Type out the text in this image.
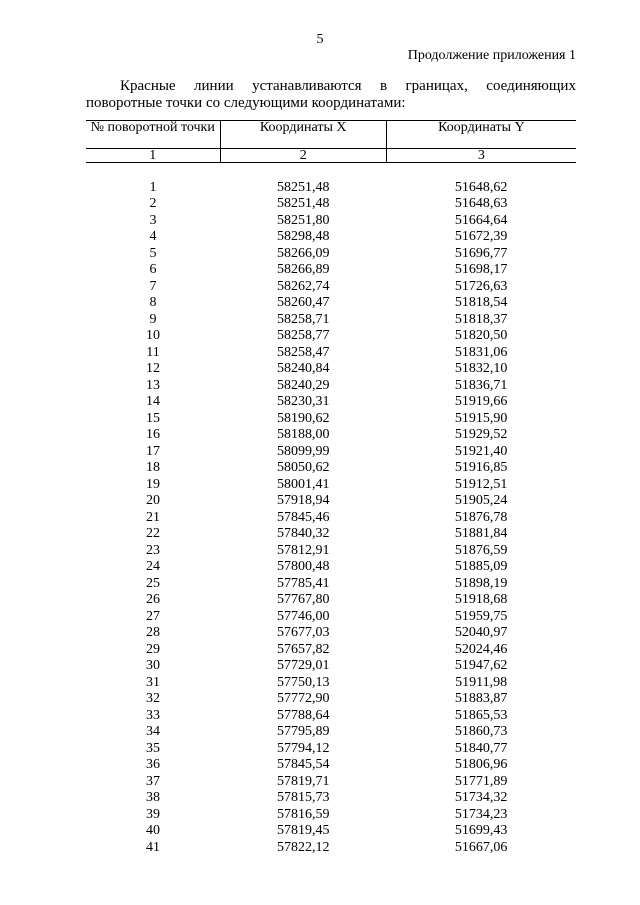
5
Продолжение приложения 1
Красные линии устанавливаются в границах, соединяющих
поворотные точки со следующими координатами:
№ поворотной точки	Координаты X	Координаты Y
1	2	3

1	58251,48	51648,62
2	58251,48	51648,63
3	58251,80	51664,64
4	58298,48	51672,39
5	58266,09	51696,77
6	58266,89	51698,17
7	58262,74	51726,63
8	58260,47	51818,54
9	58258,71	51818,37
10	58258,77	51820,50
11	58258,47	51831,06
12	58240,84	51832,10
13	58240,29	51836,71
14	58230,31	51919,66
15	58190,62	51915,90
16	58188,00	51929,52
17	58099,99	51921,40
18	58050,62	51916,85
19	58001,41	51912,51
20	57918,94	51905,24
21	57845,46	51876,78
22	57840,32	51881,84
23	57812,91	51876,59
24	57800,48	51885,09
25	57785,41	51898,19
26	57767,80	51918,68
27	57746,00	51959,75
28	57677,03	52040,97
29	57657,82	52024,46
30	57729,01	51947,62
31	57750,13	51911,98
32	57772,90	51883,87
33	57788,64	51865,53
34	57795,89	51860,73
35	57794,12	51840,77
36	57845,54	51806,96
37	57819,71	51771,89
38	57815,73	51734,32
39	57816,59	51734,23
40	57819,45	51699,43
41	57822,12	51667,06
